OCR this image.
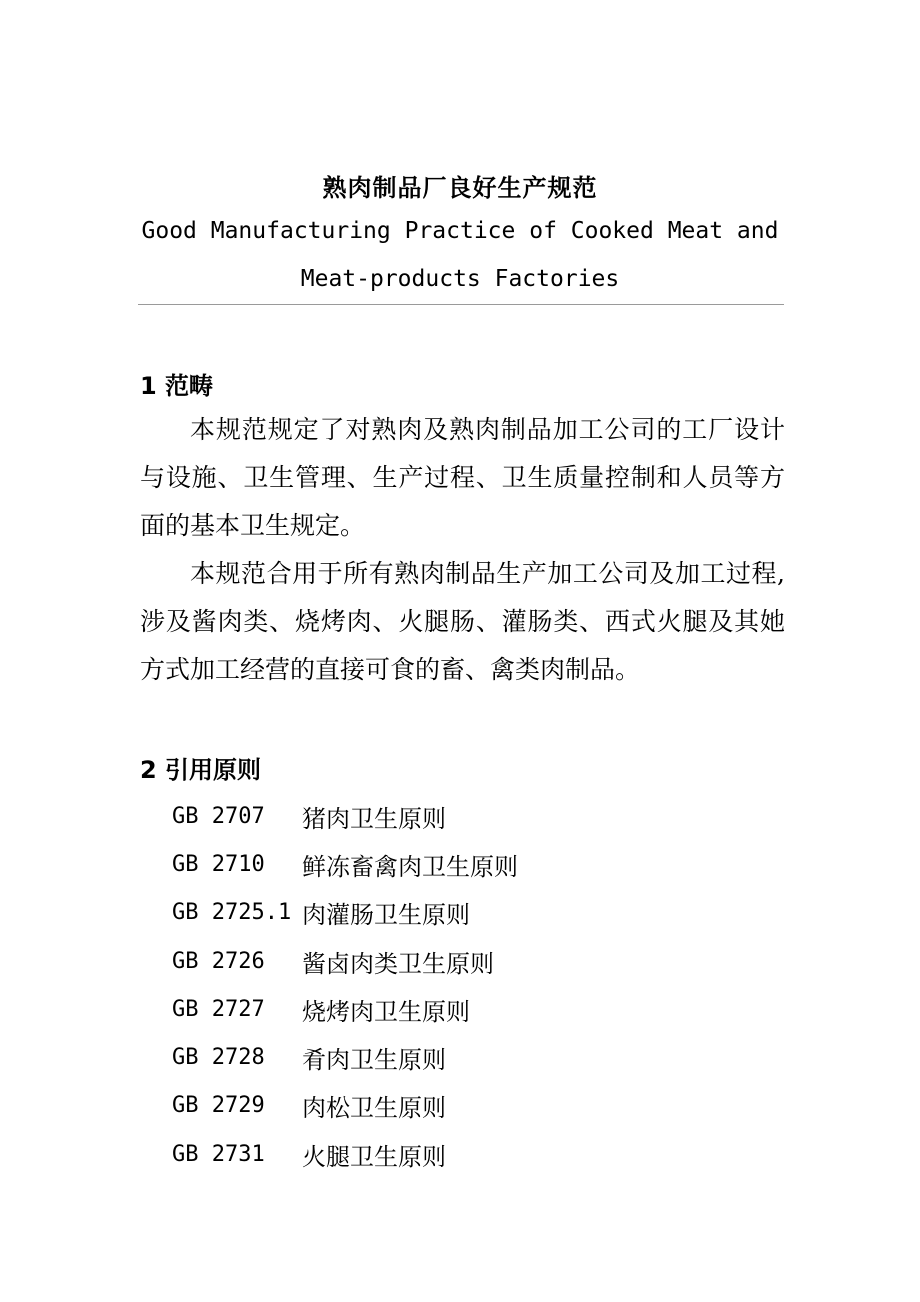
熟肉制品厂良好生产规范
Good Manufacturing Practice of Cooked Meat and
Meat-products Factories
1 范畴
本规范规定了对熟肉及熟肉制品加工公司的工厂设计与设施、卫生管理、生产过程、卫生质量控制和人员等方面的基本卫生规定。
本规范合用于所有熟肉制品生产加工公司及加工过程,涉及酱肉类、烧烤肉、火腿肠、灌肠类、西式火腿及其她方式加工经营的直接可食的畜、禽类肉制品。
2 引用原则
GB 2707	猪肉卫生原则
GB 2710	鲜冻畜禽肉卫生原则
GB 2725.1 肉灌肠卫生原则
GB 2726	酱卤肉类卫生原则
GB 2727	烧烤肉卫生原则
GB 2728	肴肉卫生原则
GB 2729	肉松卫生原则
GB 2731	火腿卫生原则
